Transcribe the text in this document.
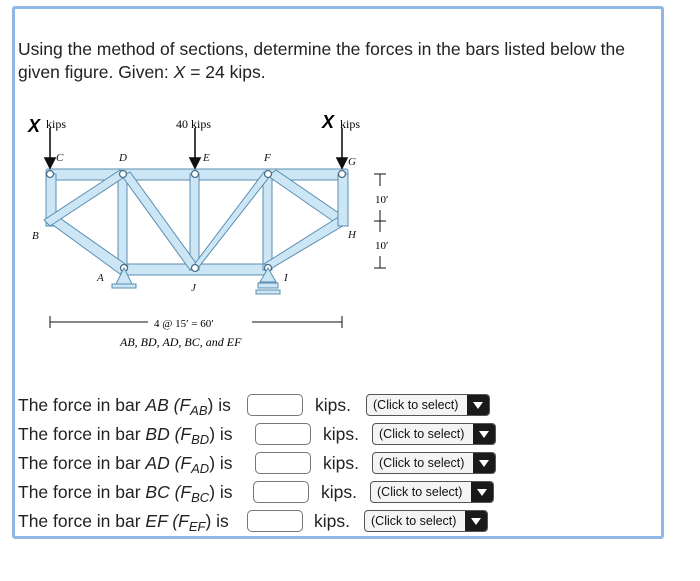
Using the method of sections, determine the forces in the bars listed below the given figure. Given: X = 24 kips.
X kips	40 kips	X kips
C	D	E	F	G
B	H
A
J
I
10′
10′
4 @ 15′ = 60′
AB, BD, AD, BC, and EF
The force in bar AB $(F_{AB})$ is	kips. (Click to select)
The force in bar BD $(F_{BD})$ is	kips. (Click to select)
The force in bar AD $(F_{AD})$ is	kips. (Click to select)
The force in bar BC $(F_{BC})$ is	kips. (Click to select)
The force in bar EF $(F_{EF})$ is	kips. (Click to select)
